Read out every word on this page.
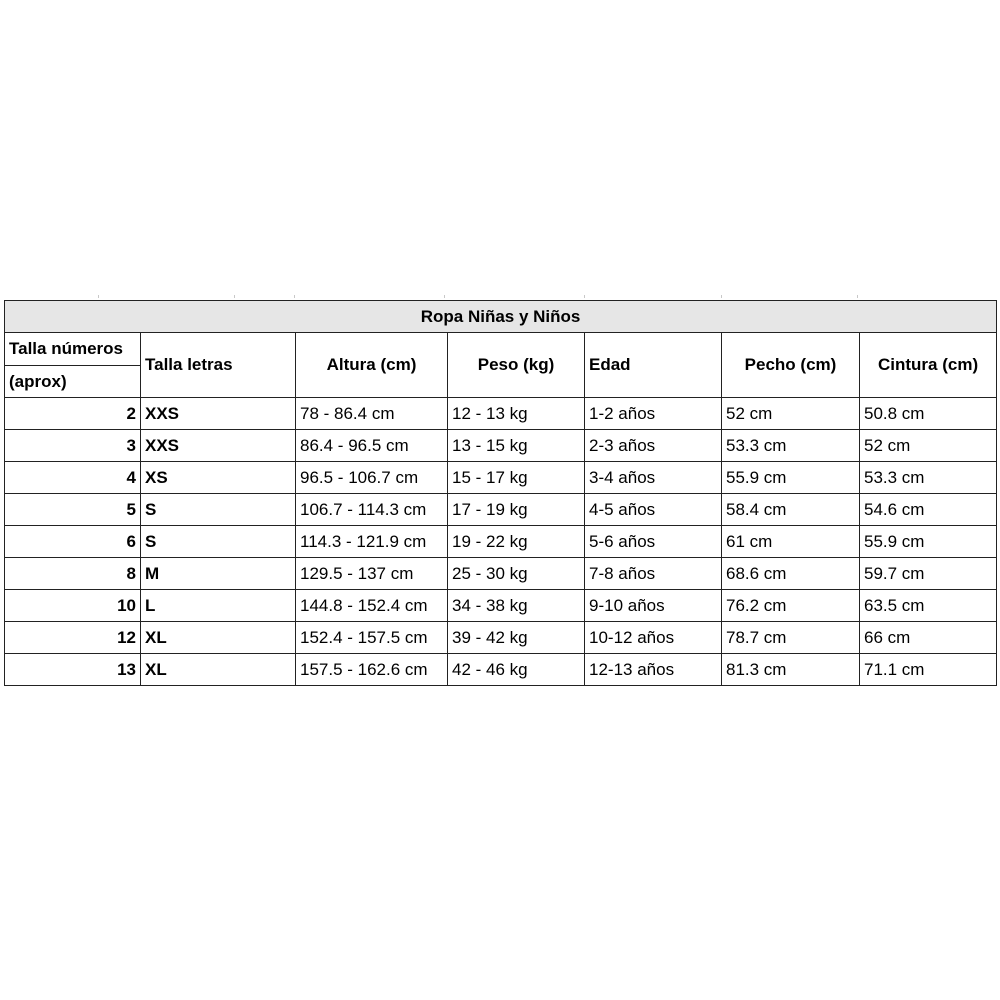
Ropa Niñas y Niños						

Talla números
(aprox)	Talla letras	Altura (cm)	Peso (kg)	Edad	Pecho (cm)	Cintura (cm)
2	XXS	78 - 86.4 cm	12 - 13 kg	1-2 años	52 cm	50.8 cm
3	XXS	86.4 - 96.5 cm	13 - 15 kg	2-3 años	53.3 cm	52 cm
4	XS	96.5 - 106.7 cm	15 - 17 kg	3-4 años	55.9 cm	53.3 cm
5	S	106.7 - 114.3 cm	17 - 19 kg	4-5 años	58.4 cm	54.6 cm
6	S	114.3 - 121.9 cm	19 - 22 kg	5-6 años	61 cm	55.9 cm
8	M	129.5 - 137 cm	25 - 30 kg	7-8 años	68.6 cm	59.7 cm
10	L	144.8 - 152.4 cm	34 - 38 kg	9-10 años	76.2 cm	63.5 cm
12	XL	152.4 - 157.5 cm	39 - 42 kg	10-12 años	78.7 cm	66 cm
13	XL	157.5 - 162.6 cm	42 - 46 kg	12-13 años	81.3 cm	71.1 cm
